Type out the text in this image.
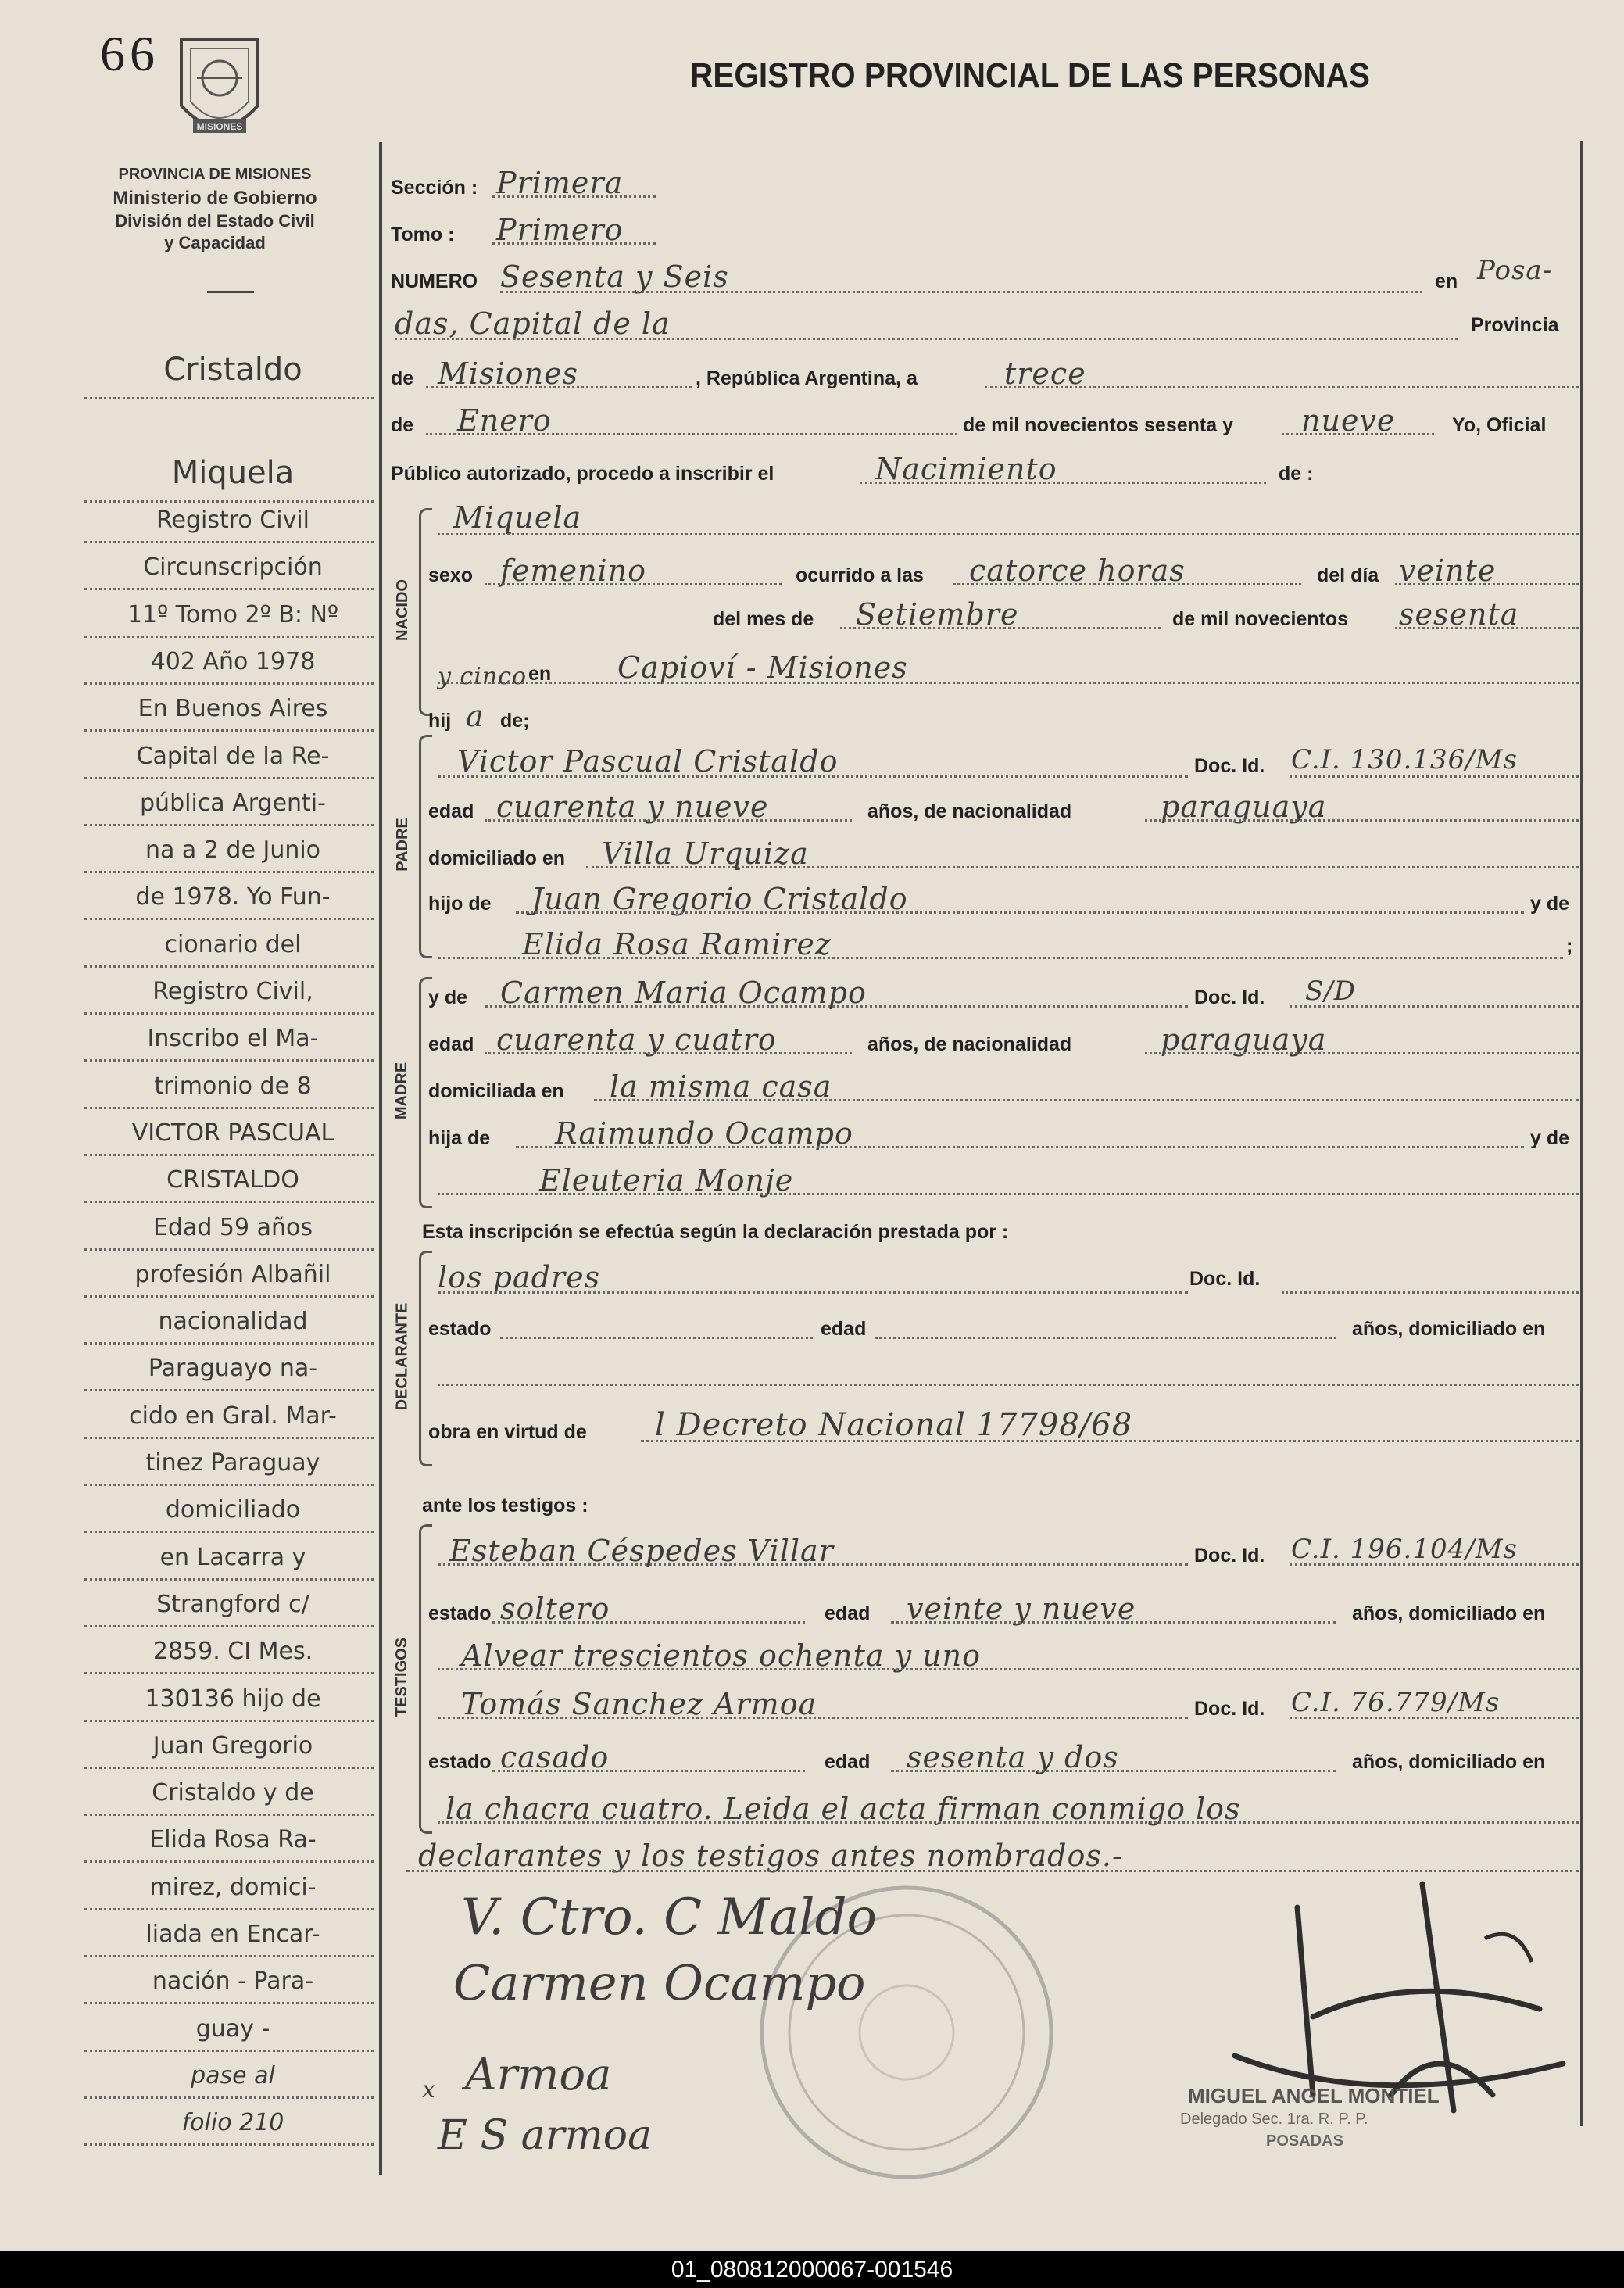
66
MISIONES
REGISTRO PROVINCIAL DE LAS PERSONAS
PROVINCIA DE MISIONES
Ministerio de Gobierno
División del Estado Civil
y Capacidad
Cristaldo
Miquela
Registro Civil
Circunscripción
11º Tomo 2º B: Nº
402 Año 1978
En Buenos Aires
Capital de la Re-
pública Argenti-
na a 2 de Junio
de 1978. Yo Fun-
cionario del
Registro Civil,
Inscribo el Ma-
trimonio de 8
VICTOR PASCUAL
CRISTALDO
Edad 59 años
profesión Albañil
nacionalidad
Paraguayo na-
cido en Gral. Mar-
tinez Paraguay
domiciliado
en Lacarra y
Strangford c/
2859. CI Mes.
130136 hijo de
Juan Gregorio
Cristaldo y de
Elida Rosa Ra-
mirez, domici-
liada en Encar-
nación - Para-
guay -
pase al
folio 210
Sección : Primera
Tomo : Primero
NUMERO Sesenta y Seis	en Posa-
das, Capital de la	Provincia
de Misiones	, República Argentina, a	trece
de Enero	de mil novecientos sesenta y nueve	Yo, Oficial
Público autorizado, procedo a inscribir el	Nacimiento	de :
NACIDO
Miquela
sexo femenino	ocurrido a las catorce horas	del día veinte
del mes de Setiembre	de mil novecientos sesenta
y cinco en Capioví - Misiones
hij a de;
PADRE
Victor Pascual Cristaldo	Doc. Id. C.I. 130.136/Ms
edad cuarenta y nueve	años, de nacionalidad	paraguaya
domiciliado en Villa Urquiza
hijo de Juan Gregorio Cristaldo	y de
Elida Rosa Ramirez	;
MADRE
y de Carmen Maria Ocampo	Doc. Id. S/D
edad cuarenta y cuatro	años, de nacionalidad	paraguaya
domiciliada en la misma casa
hija de Raimundo Ocampo	y de
Eleuteria Monje
Esta inscripción se efectúa según la declaración prestada por :
DECLARANTE
los padres	Doc. Id.
estado	edad	años, domiciliado en
obra en virtud de l Decreto Nacional 17798/68
ante los testigos :
TESTIGOS
Esteban Céspedes Villar	Doc. Id. C.I. 196.104/Ms
estado soltero	edad veinte y nueve	años, domiciliado en
Alvear trescientos ochenta y uno
Tomás Sanchez Armoa	Doc. Id. C.I. 76.779/Ms
estado casado	edad sesenta y dos	años, domiciliado en
la chacra cuatro. Leida el acta firman conmigo los
declarantes y los testigos antes nombrados.-
V. Ctro. C Maldo
Carmen Ocampo
x Armoa
E S armoa
MIGUEL ANGEL MONTIEL
Delegado Sec. 1ra. R. P. P.
POSADAS
01_080812000067-001546
